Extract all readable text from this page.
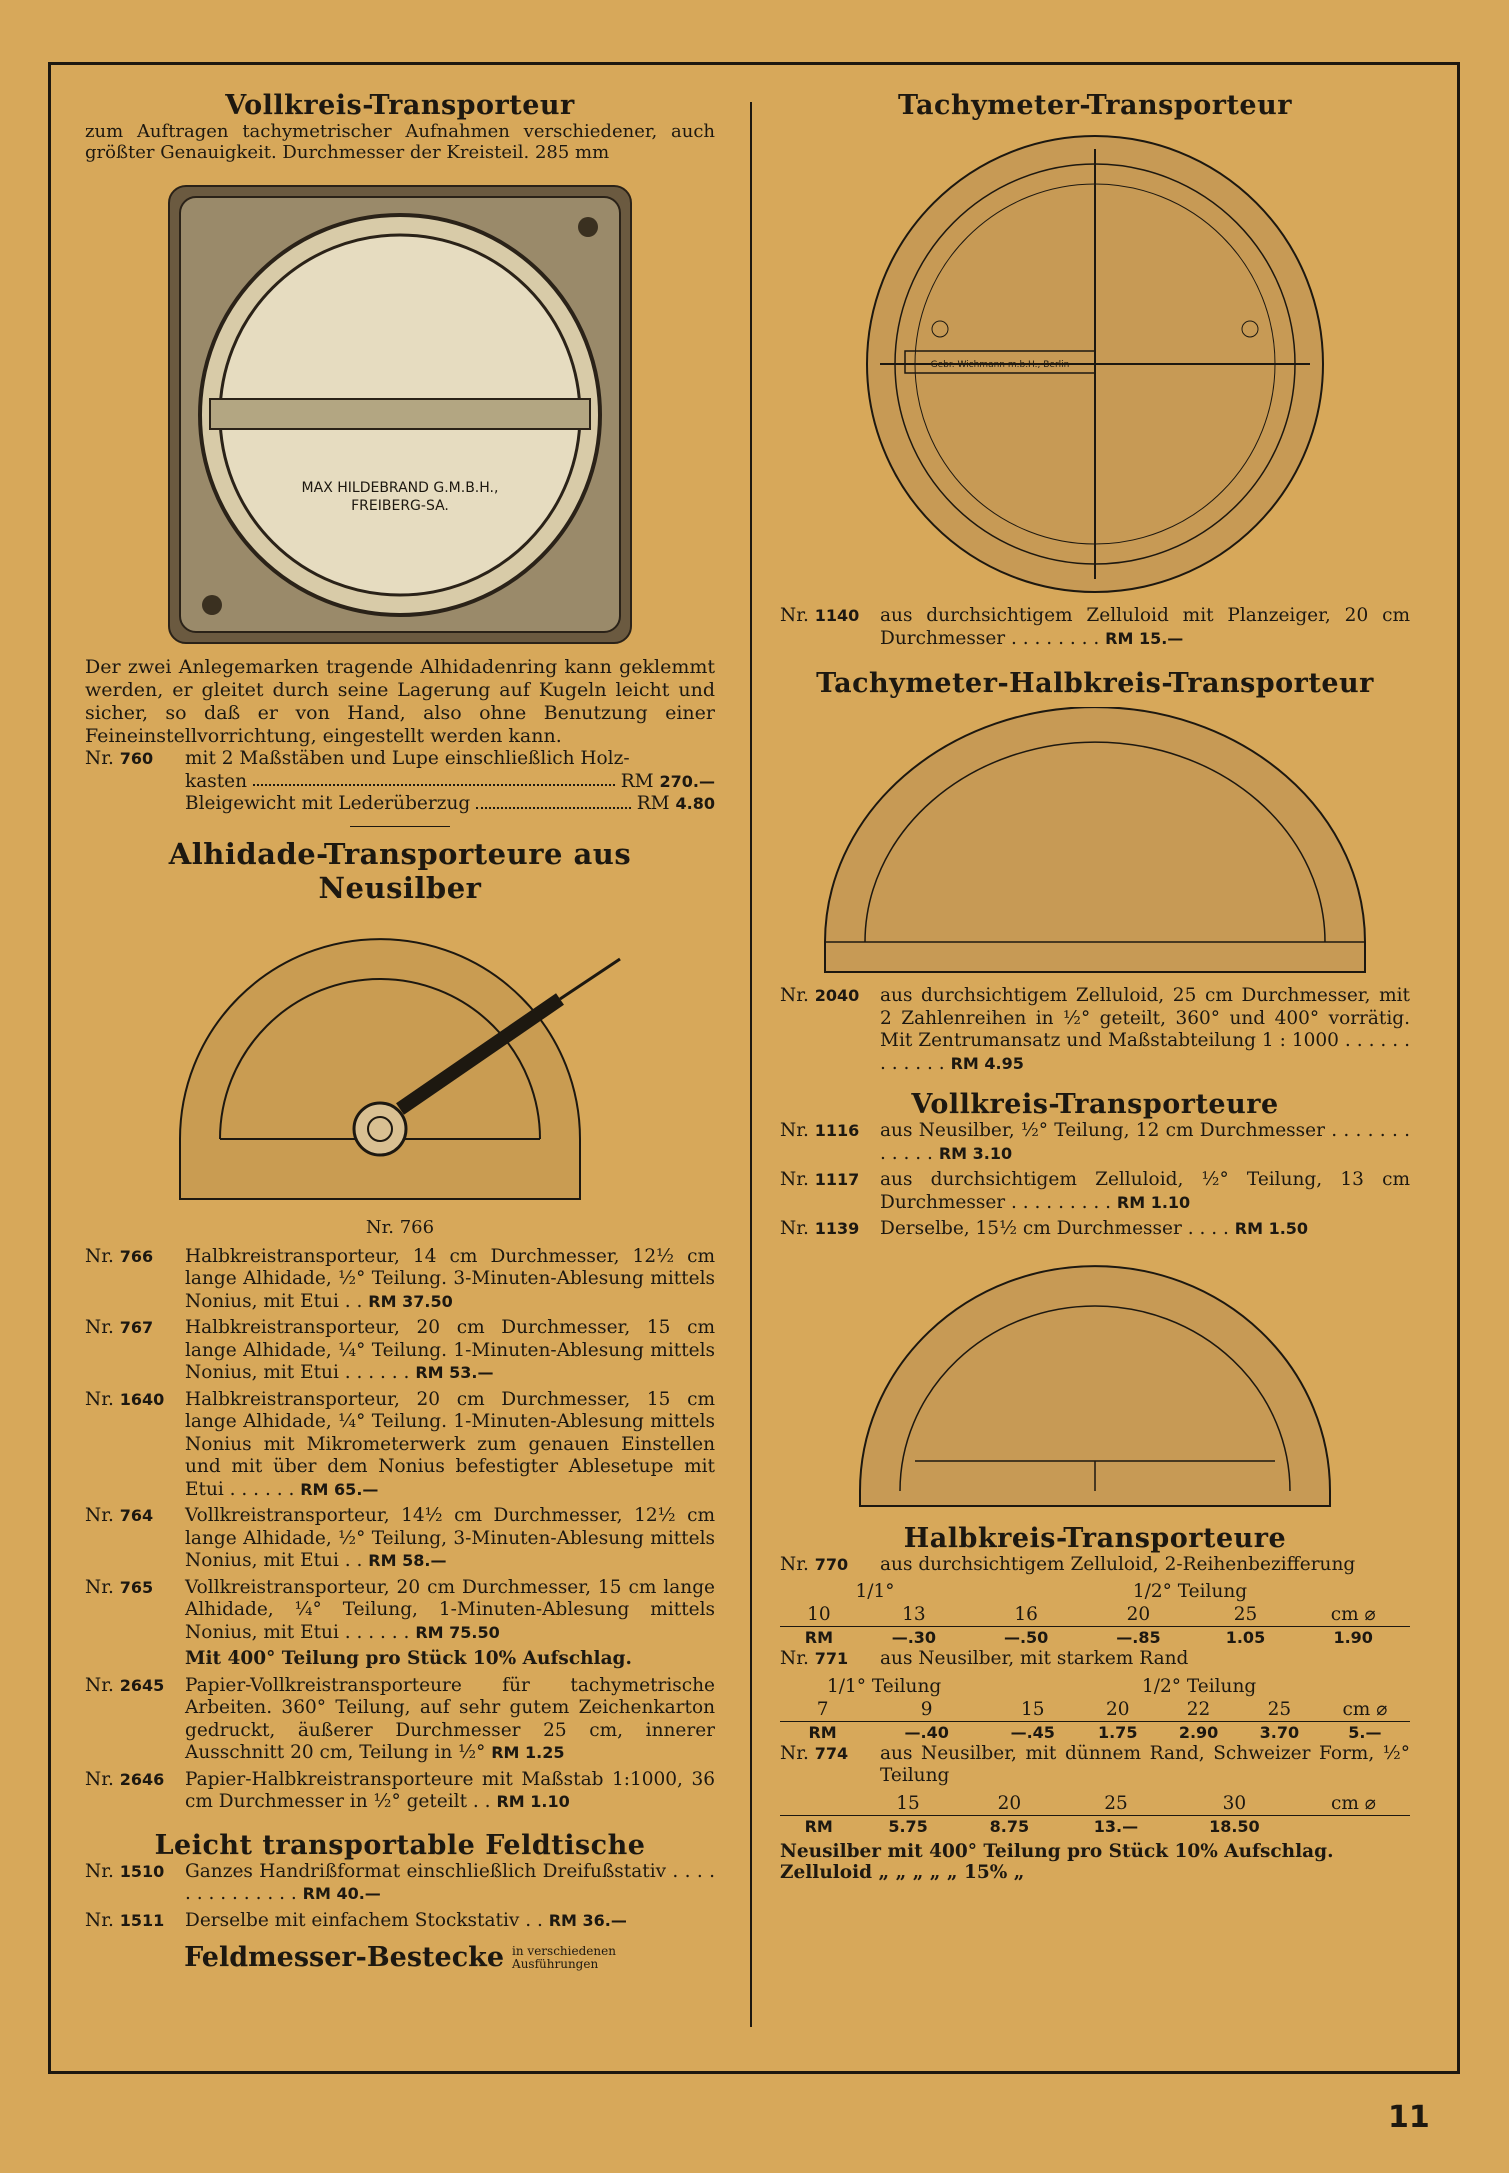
Vollkreis-Transporteur
zum Auftragen tachymetrischer Aufnahmen verschiedener, auch größter Genauigkeit. Durchmesser der Kreisteil. 285 mm
MAX HILDEBRAND G.M.B.H.,
FREIBERG-SA.
Der zwei Anlegemarken tragende Alhidadenring kann geklemmt werden, er gleitet durch seine Lagerung auf Kugeln leicht und sicher, so daß er von Hand, also ohne Benutzung einer Feineinstellvorrichtung, eingestellt werden kann.
Nr. 760	mit 2 Maßstäben und Lupe einschließlich Holz-
kasten	RM 270.—
Bleigewicht mit Lederüberzug	RM 4.80
Alhidade-Transporteure aus Neusilber
Nr. 766
Nr. 766	Halbkreistransporteur, 14 cm Durchmesser, 12½ cm lange Alhidade, ½° Teilung. 3-Minuten-Ablesung mittels Nonius, mit Etui . . RM 37.50
Nr. 767	Halbkreistransporteur, 20 cm Durchmesser, 15 cm lange Alhidade, ¼° Teilung. 1-Minuten-Ablesung mittels Nonius, mit Etui . . . . . . RM 53.—
Nr. 1640	Halbkreistransporteur, 20 cm Durchmesser, 15 cm lange Alhidade, ¼° Teilung. 1-Minuten-Ablesung mittels Nonius mit Mikrometerwerk zum genauen Einstellen und mit über dem Nonius befestigter Ablesetupe mit Etui . . . . . . RM 65.—
Nr. 764	Vollkreistransporteur, 14½ cm Durchmesser, 12½ cm lange Alhidade, ½° Teilung, 3-Minuten-Ablesung mittels Nonius, mit Etui . . RM 58.—
Nr. 765	Vollkreistransporteur, 20 cm Durchmesser, 15 cm lange Alhidade, ¼° Teilung, 1-Minuten-Ablesung mittels Nonius, mit Etui . . . . . . RM 75.50
Mit 400° Teilung pro Stück 10% Aufschlag.
Nr. 2645	Papier-Vollkreistransporteure für tachymetrische Arbeiten. 360° Teilung, auf sehr gutem Zeichenkarton gedruckt, äußerer Durchmesser 25 cm, innerer Ausschnitt 20 cm, Teilung in ½° RM 1.25
Nr. 2646	Papier-Halbkreistransporteure mit Maßstab 1:1000, 36 cm Durchmesser in ½° geteilt . . RM 1.10
Leicht transportable Feldtische
Nr. 1510	Ganzes Handrißformat einschließlich Dreifußstativ . . . . . . . . . . . . . . RM 40.—
Nr. 1511	Derselbe mit einfachem Stockstativ . . RM 36.—
Feldmesser-Bestecke in verschiedenen
Ausführungen
Tachymeter-Transporteur
Gebr. Wichmann m.b.H., Berlin
Nr. 1140	aus durchsichtigem Zelluloid mit Planzeiger, 20 cm Durchmesser . . . . . . . . RM 15.—
Tachymeter-Halbkreis-Transporteur
Nr. 2040	aus durchsichtigem Zelluloid, 25 cm Durchmesser, mit 2 Zahlenreihen in ½° geteilt, 360° und 400° vorrätig. Mit Zentrumansatz und Maßstabteilung 1 : 1000 . . . . . . . . . . . . RM 4.95
Vollkreis-Transporteure
Nr. 1116	aus Neusilber, ½° Teilung, 12 cm Durchmesser . . . . . . . . . . . . RM 3.10
Nr. 1117	aus durchsichtigem Zelluloid, ½° Teilung, 13 cm Durchmesser . . . . . . . . . RM 1.10
Nr. 1139	Derselbe, 15½ cm Durchmesser . . . . RM 1.50
Halbkreis-Transporteure
Nr. 770	aus durchsichtigem Zelluloid, 2-Reihenbezifferung
1/1°		1/2° Teilung			
10	13	16	20	25	cm ⌀
RM	—.30	—.50	—.85	1.05	1.90
Nr. 771	aus Neusilber, mit starkem Rand
1/1° Teilung		1/2° Teilung				
7	9	15	20	22	25	cm ⌀
RM	—.40	—.45	1.75	2.90	3.70	5.—
Nr. 774	aus Neusilber, mit dünnem Rand, Schweizer Form, ½° Teilung
	15	20	25	30	cm ⌀
RM	5.75	8.75	13.—	18.50	
Neusilber mit 400° Teilung pro Stück 10% Aufschlag.
Zelluloid „ „ „ „ „ 15% „
11
